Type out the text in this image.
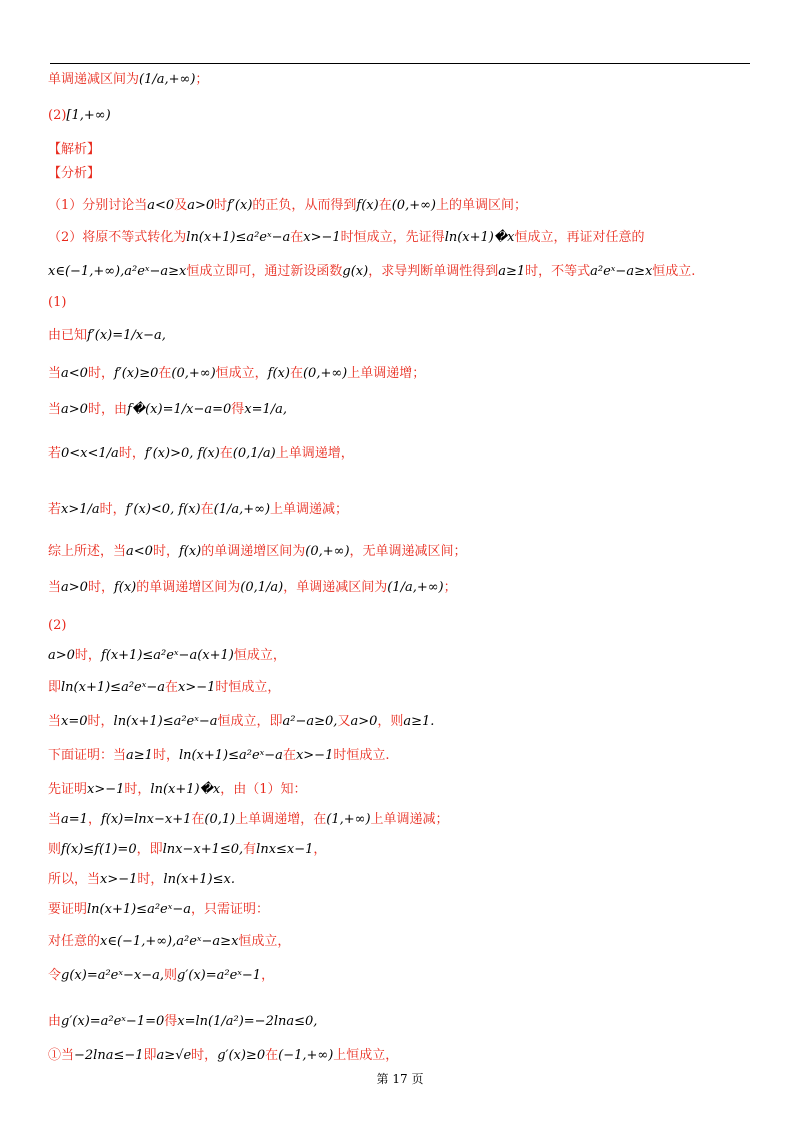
单调递减区间为(1/a,+∞)；
(2)[1,+∞)
【解析】
【分析】
（1）分别讨论当a<0及a>0时f′(x)的正负，从而得到f(x)在(0,+∞)上的单调区间；
（2）将原不等式转化为ln(x+1)≤a²eˣ−a在x>−1时恒成立，先证得ln(x+1)�x恒成立，再证对任意的
x∈(−1,+∞),a²eˣ−a≥x恒成立即可，通过新设函数g(x)，求导判断单调性得到a≥1时，不等式a²eˣ−a≥x恒成立.
(1)
由已知f′(x)=1/x−a,
当a<0时，f′(x)≥0在(0,+∞)恒成立，f(x)在(0,+∞)上单调递增；
当a>0时，由f�(x)=1/x−a=0得x=1/a,
若0<x<1/a时，f′(x)>0, f(x)在(0,1/a)上单调递增，
若x>1/a时，f′(x)<0, f(x)在(1/a,+∞)上单调递减；
综上所述，当a<0时，f(x)的单调递增区间为(0,+∞)，无单调递减区间；
当a>0时，f(x)的单调递增区间为(0,1/a)，单调递减区间为(1/a,+∞)；
(2)
a>0时，f(x+1)≤a²eˣ−a(x+1)恒成立，
即ln(x+1)≤a²eˣ−a在x>−1时恒成立，
当x=0时，ln(x+1)≤a²eˣ−a恒成立，即a²−a≥0,又a>0，则a≥1.
下面证明：当a≥1时，ln(x+1)≤a²eˣ−a在x>−1时恒成立.
先证明x>−1时，ln(x+1)�x，由（1）知：
当a=1，f(x)=lnx−x+1在(0,1)上单调递增，在(1,+∞)上单调递减；
则f(x)≤f(1)=0，即lnx−x+1≤0,有lnx≤x−1，
所以，当x>−1时，ln(x+1)≤x.
要证明ln(x+1)≤a²eˣ−a，只需证明：
对任意的x∈(−1,+∞),a²eˣ−a≥x恒成立，
令g(x)=a²eˣ−x−a,则g′(x)=a²eˣ−1，
由g′(x)=a²eˣ−1=0得x=ln(1/a²)=−2lna≤0,
①当−2lna≤−1即a≥√e时，g′(x)≥0在(−1,+∞)上恒成立，
第 17 页
